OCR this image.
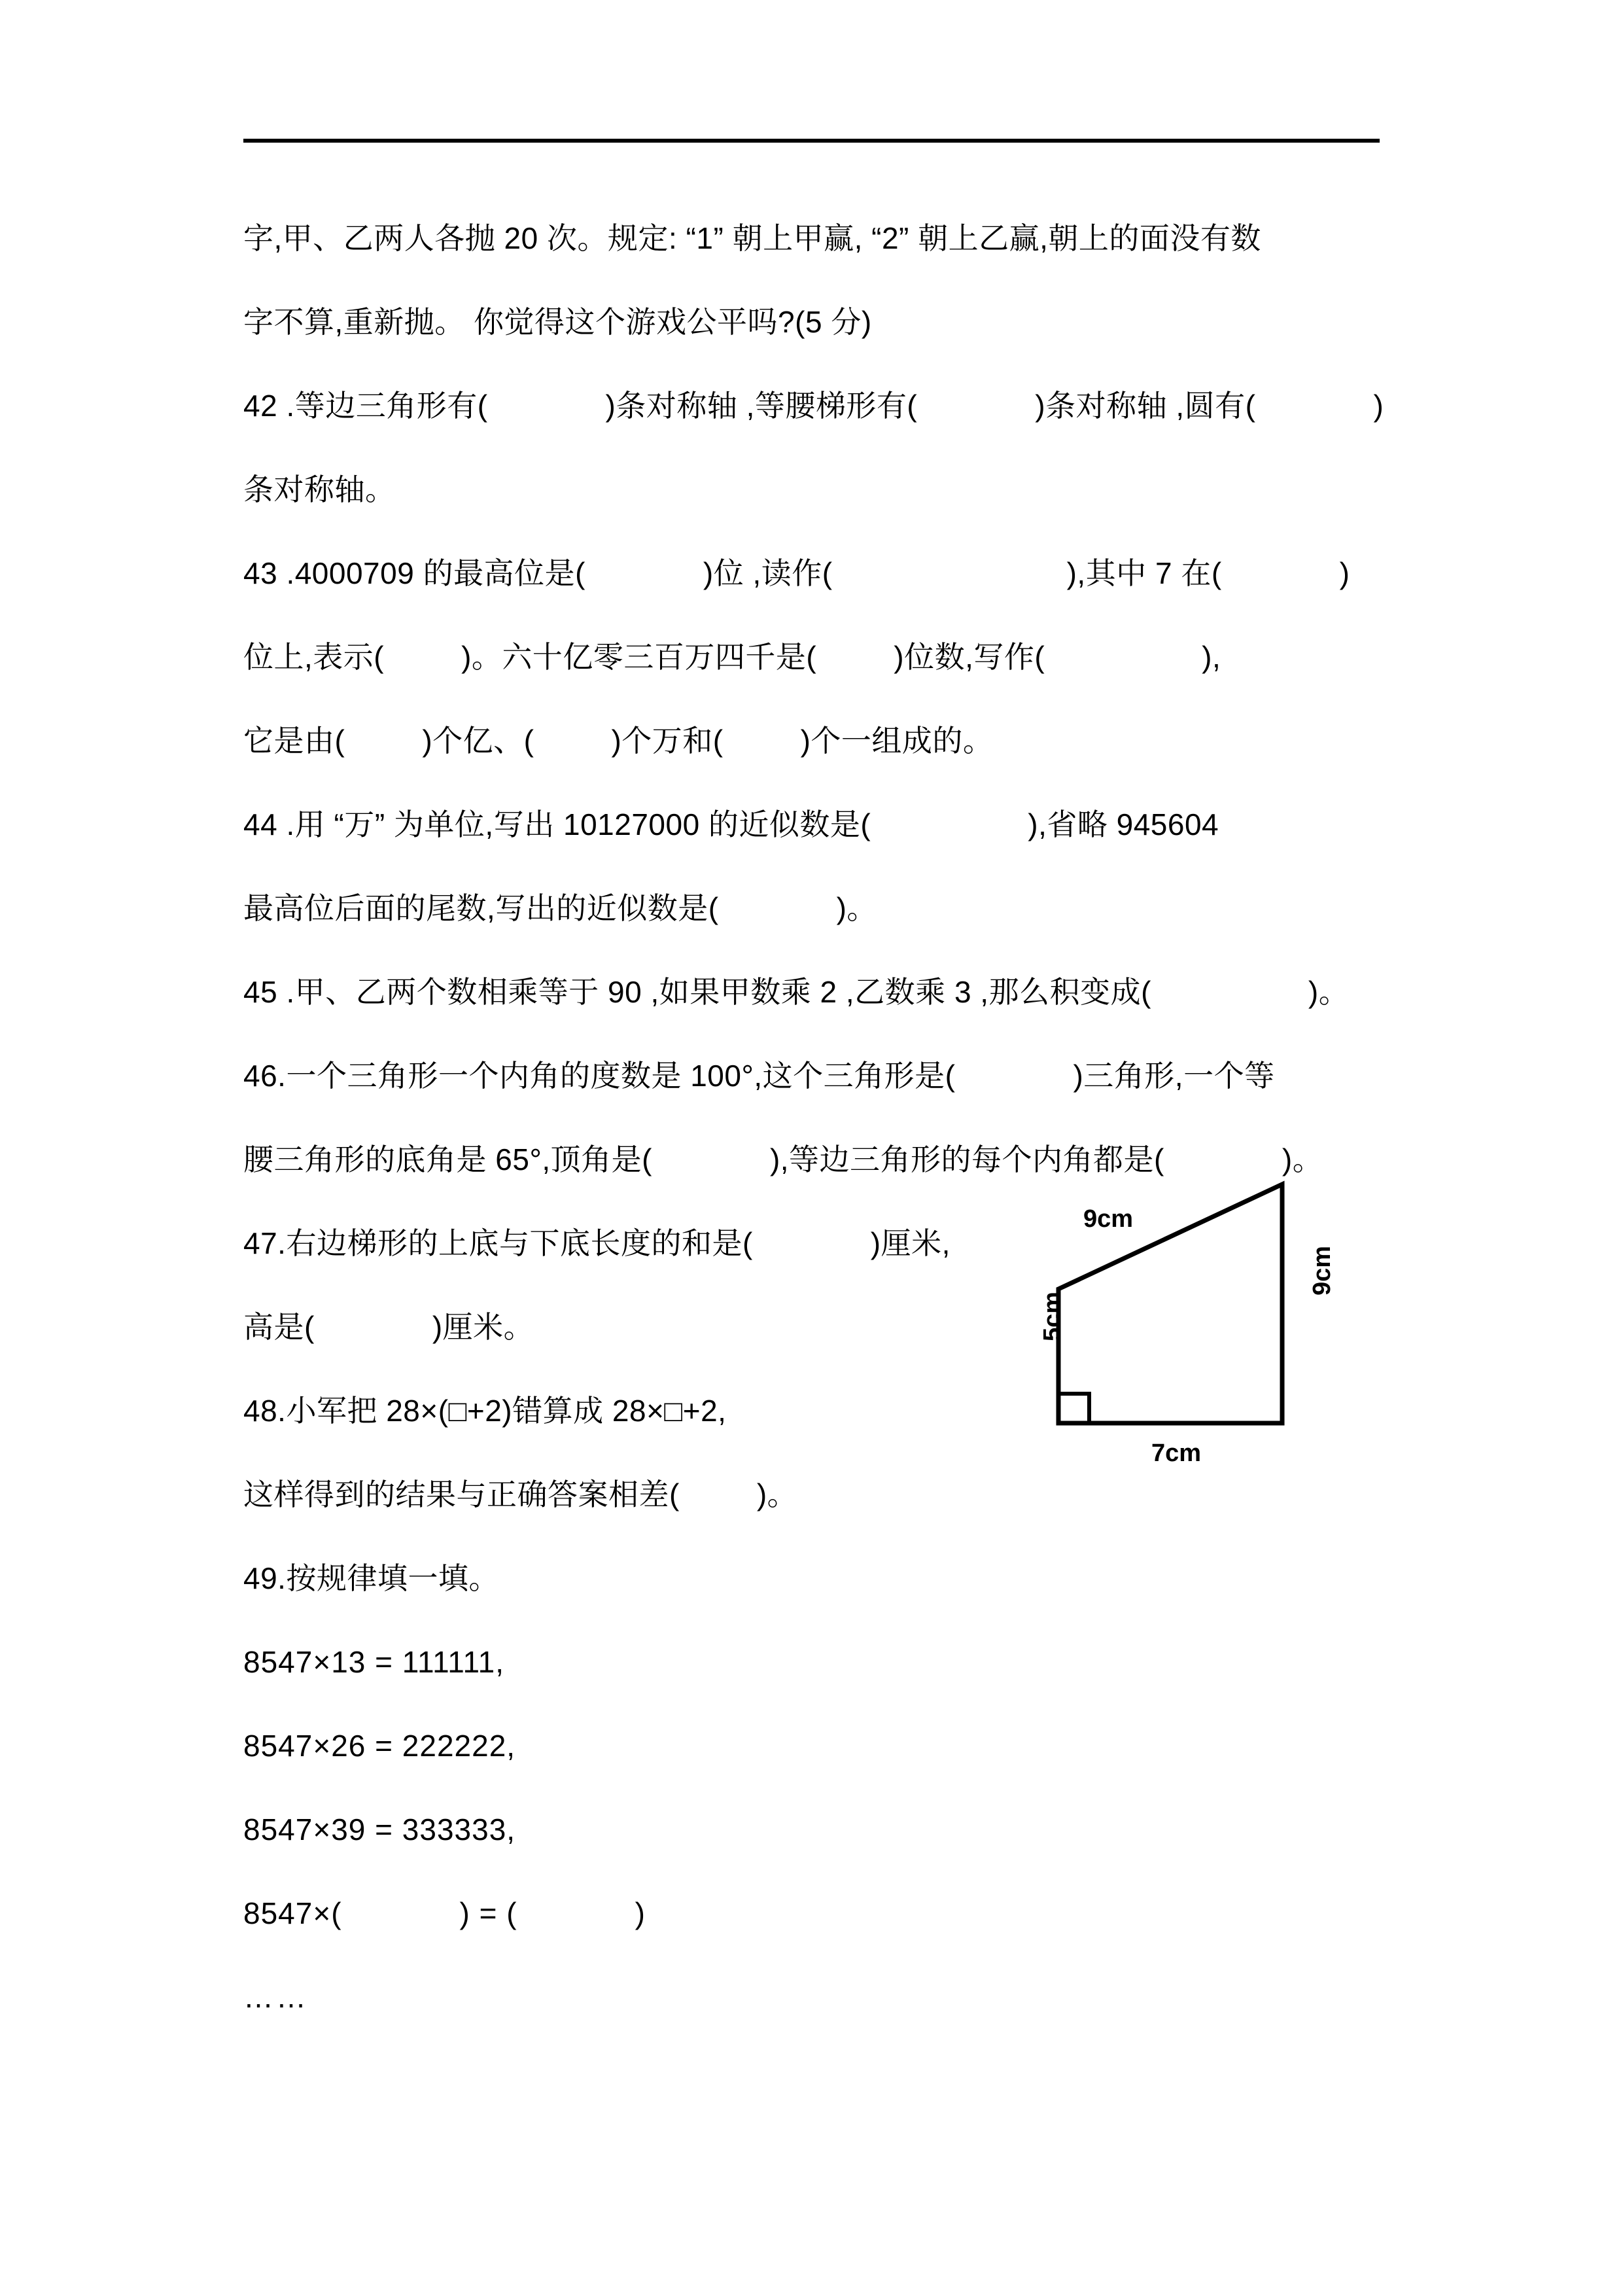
字,甲、乙两人各抛 20 次。规定: “1” 朝上甲赢, “2” 朝上乙赢,朝上的面没有数
字不算,重新抛。 你觉得这个游戏公平吗?(5 分)
42 .等边三角形有(	)条对称轴 ,等腰梯形有(	)条对称轴 ,圆有(	)
条对称轴。
43 .4000709 的最高位是(	)位 ,读作(	),其中 7 在(	)
位上,表示(	)。六十亿零三百万四千是(	)位数,写作(	),
它是由(	)个亿、(	)个万和(	)个一组成的。
44 .用 “万” 为单位,写出 10127000 的近似数是(	),省略 945604
最高位后面的尾数,写出的近似数是(	)。
45 .甲、乙两个数相乘等于 90 ,如果甲数乘 2 ,乙数乘 3 ,那么积变成(	)。
46.一个三角形一个内角的度数是 100°,这个三角形是(	)三角形,一个等
腰三角形的底角是 65°,顶角是(	),等边三角形的每个内角都是(	)。
47.右边梯形的上底与下底长度的和是(	)厘米,
高是(	)厘米。
48.小军把 28×(□+2)错算成 28×□+2,
这样得到的结果与正确答案相差(	)。
49.按规律填一填。
8547×13 = 111111,
8547×26 = 222222,
8547×39 = 333333,
8547×(	) = (	)
……
9cm
9cm
5cm
7cm
